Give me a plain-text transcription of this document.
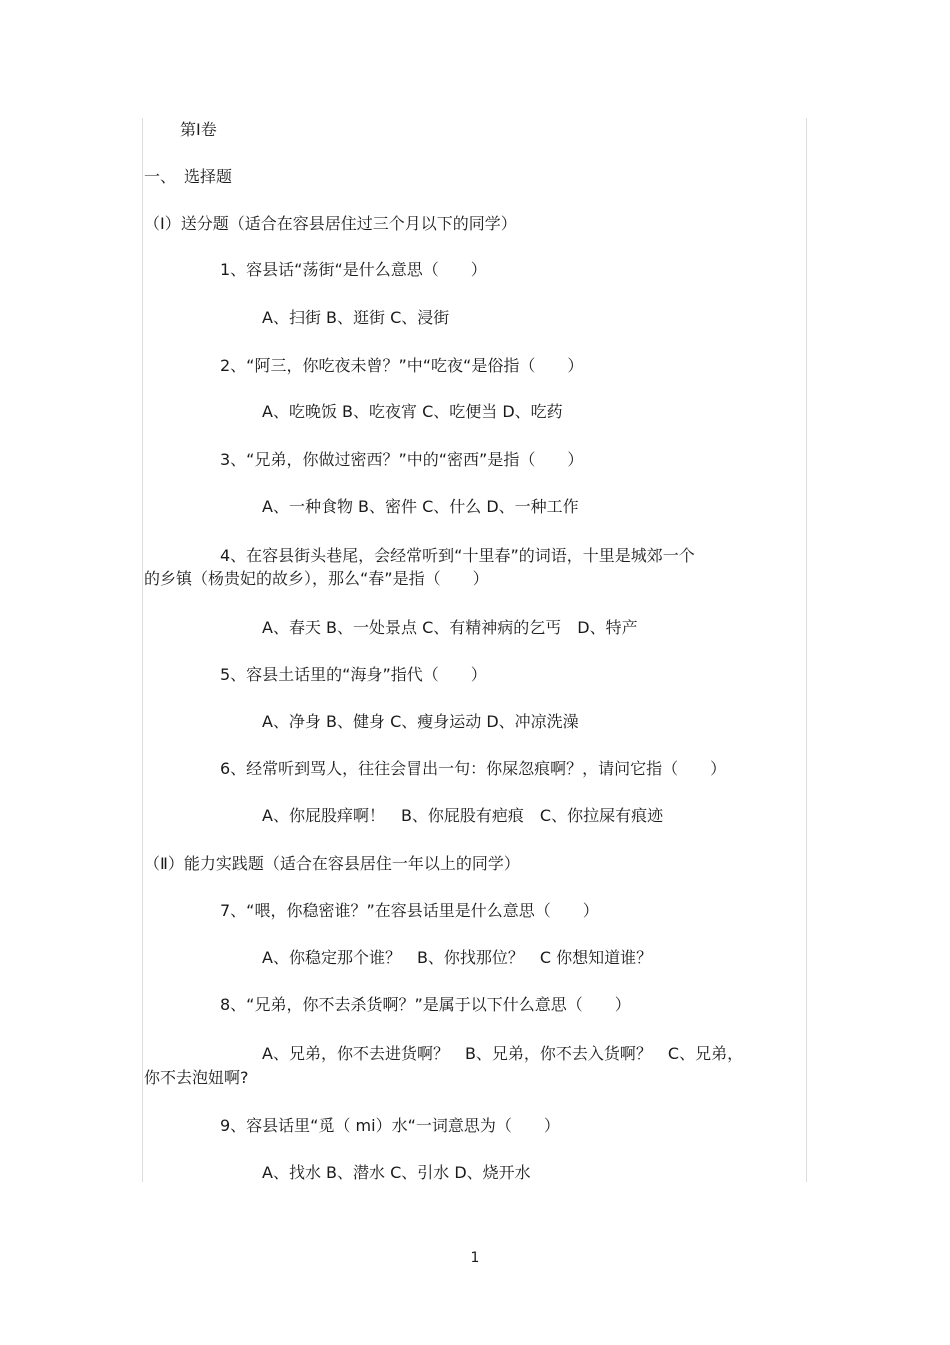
第Ⅰ卷
一、　选择题
（Ⅰ）送分题（适合在容县居住过三个月以下的同学）
1、容县话“荡街“是什么意思（　　）
A、扫街 B、逛街 C、浸街
2、“阿三，你吃夜未曾？”中“吃夜“是俗指（　　）
A、吃晚饭 B、吃夜宵 C、吃便当 D、吃药
3、“兄弟，你做过密西？”中的“密西”是指（　　）
A、一种食物 B、密件 C、什么 D、一种工作
4、在容县街头巷尾，会经常听到“十里春”的词语，十里是城郊一个
的乡镇（杨贵妃的故乡），那么“春”是指（　　）
A、春天 B、一处景点 C、有精神病的乞丐　D、特产
5、容县土话里的“海身”指代（　　）
A、净身 B、健身 C、瘦身运动 D、冲凉洗澡
6、经常听到骂人，往往会冒出一句：你屎忽痕啊？，请问它指（　　）
A、你屁股痒啊！　B、你屁股有疤痕　C、你拉屎有痕迹
（Ⅱ）能力实践题（适合在容县居住一年以上的同学）
7、“喂，你稳密谁？”在容县话里是什么意思（　　）
A、你稳定那个谁？　B、你找那位？　C 你想知道谁？
8、“兄弟，你不去杀货啊？”是属于以下什么意思（　　）
A、兄弟，你不去进货啊？　B、兄弟，你不去入货啊？　C、兄弟，
你不去泡妞啊?
9、容县话里“觅（ mi）水“一词意思为（　　）
A、找水 B、潜水 C、引水 D、烧开水
1
